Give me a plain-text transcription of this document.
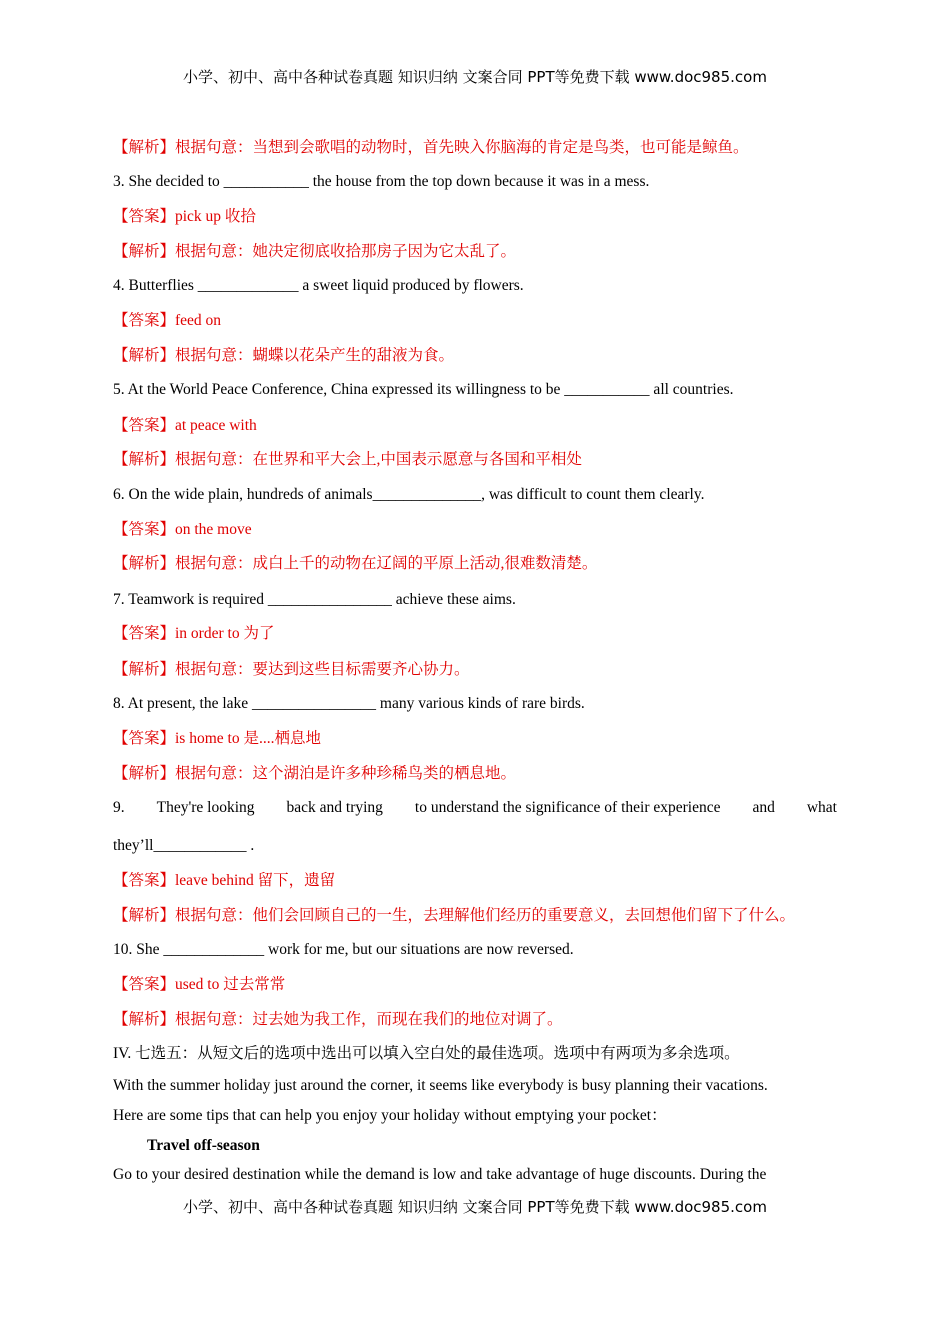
小学、初中、高中各种试卷真题 知识归纳 文案合同 PPT等免费下载 www.doc985.com
【解析】根据句意：当想到会歌唱的动物时，首先映入你脑海的肯定是鸟类，也可能是鲸鱼。
3. She decided to ___________ the house from the top down because it was in a mess.
【答案】pick up 收拾
【解析】根据句意：她决定彻底收拾那房子因为它太乱了。
4. Butterflies _____________ a sweet liquid produced by flowers.
【答案】feed on
【解析】根据句意：蝴蝶以花朵产生的甜液为食。
5. At the World Peace Conference, China expressed its willingness to be ___________ all countries.
【答案】at peace with
【解析】根据句意：在世界和平大会上,中国表示愿意与各国和平相处
6. On the wide plain, hundreds of animals______________, was difficult to count them clearly.
【答案】on the move
【解析】根据句意：成白上千的动物在辽阔的平原上活动,很难数清楚。
7. Teamwork is required ________________ achieve these aims.
【答案】in order to 为了
【解析】根据句意：要达到这些目标需要齐心协力。
8. At present, the lake ________________ many various kinds of rare birds.
【答案】is home to 是....栖息地
【解析】根据句意：这个湖泊是许多种珍稀鸟类的栖息地。
9. They're looking back and trying to understand the significance of their experience and what
they’ll____________ .
【答案】leave behind 留下，遗留
【解析】根据句意：他们会回顾自己的一生，去理解他们经历的重要意义，去回想他们留下了什么。
10. She _____________ work for me, but our situations are now reversed.
【答案】used to 过去常常
【解析】根据句意：过去她为我工作，而现在我们的地位对调了。
IV. 七选五：从短文后的选项中选出可以填入空白处的最佳选项。选项中有两项为多余选项。
With the summer holiday just around the corner, it seems like everybody is busy planning their vacations.
Here are some tips that can help you enjoy your holiday without emptying your pocket：
Travel off-season
Go to your desired destination while the demand is low and take advantage of huge discounts. During the
小学、初中、高中各种试卷真题 知识归纳 文案合同 PPT等免费下载 www.doc985.com
